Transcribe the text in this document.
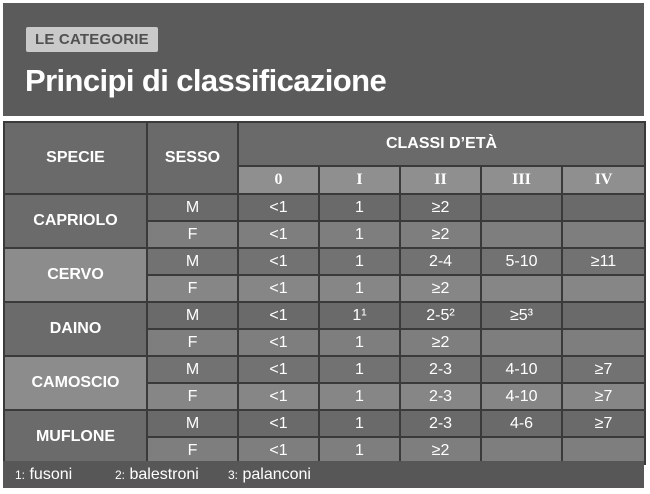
LE CATEGORIE
Principi di classificazione
SPECIE	SESSO	CLASSI D’ETÀ				
		0	I	II	III	IV
CAPRIOLO	M	<1	1	≥2		
	F	<1	1	≥2		
CERVO	M	<1	1	2-4	5-10	≥11
	F	<1	1	≥2		
DAINO	M	<1	1¹	2-5²	≥5³	
	F	<1	1	≥2		
CAMOSCIO	M	<1	1	2-3	4-10	≥7
	F	<1	1	2-3	4-10	≥7
MUFLONE	M	<1	1	2-3	4-6	≥7
	F	<1	1	≥2		
1: fusoni	2: balestroni 3: palanconi
